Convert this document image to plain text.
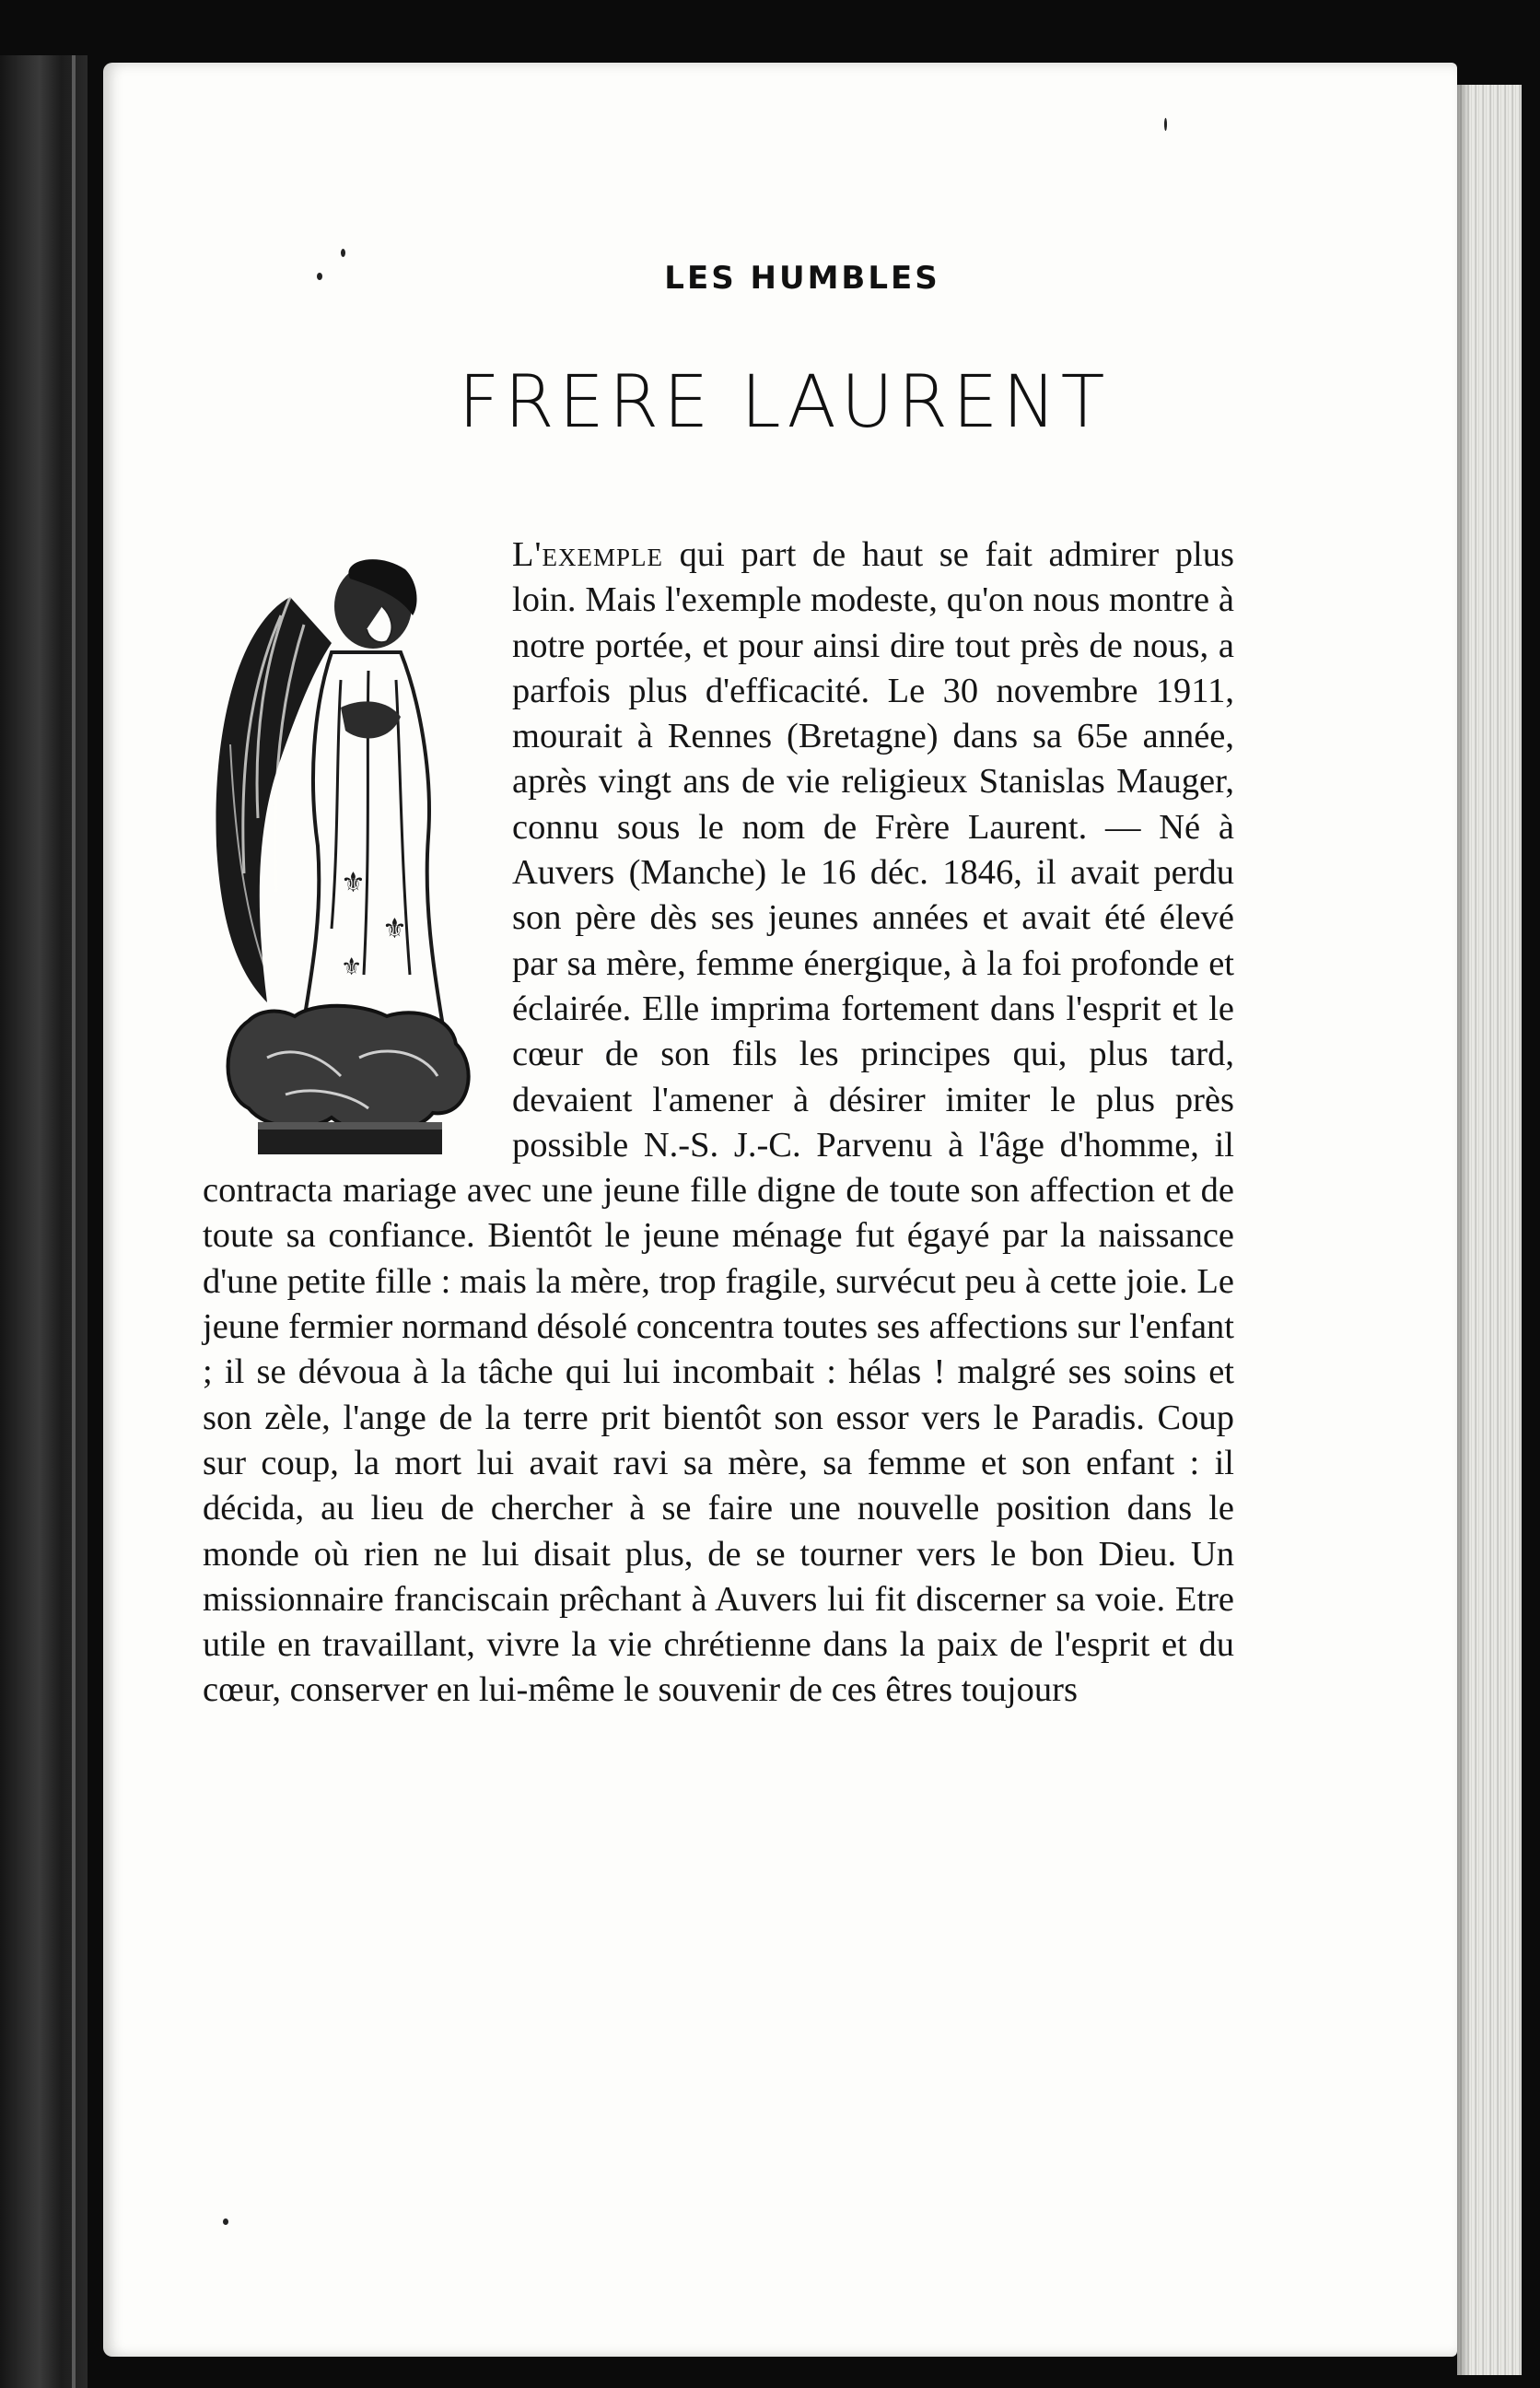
LES HUMBLES
FRERE LAURENT
⚜
⚜
⚜

L'exemple qui part de haut se fait admirer plus loin. Mais l'exemple modeste, qu'on nous montre à notre portée, et pour ainsi dire tout près de nous, a parfois plus d'efficacité. Le 30 novembre 1911, mourait à Rennes (Bretagne) dans sa 65e année, après vingt ans de vie religieux Stanislas Mauger, connu sous le nom de Frère Laurent. — Né à Auvers (Manche) le 16 déc. 1846, il avait perdu son père dès ses jeunes années et avait été élevé par sa mère, femme énergique, à la foi profonde et éclairée. Elle imprima fortement dans l'esprit et le cœur de son fils les principes qui, plus tard, devaient l'amener à désirer imiter le plus près possible N.-S. J.-C. Parvenu à l'âge d'homme, il contracta mariage avec une jeune fille digne de toute son affection et de toute sa confiance. Bientôt le jeune ménage fut égayé par la naissance d'une petite fille : mais la mère, trop fragile, survécut peu à cette joie. Le jeune fermier normand désolé concentra toutes ses affections sur l'enfant ; il se dévoua à la tâche qui lui incombait : hélas ! malgré ses soins et son zèle, l'ange de la terre prit bientôt son essor vers le Paradis. Coup sur coup, la mort lui avait ravi sa mère, sa femme et son enfant : il décida, au lieu de chercher à se faire une nouvelle position dans le monde où rien ne lui disait plus, de se tourner vers le bon Dieu. Un missionnaire franciscain prêchant à Auvers lui fit discerner sa voie. Etre utile en travaillant, vivre la vie chrétienne dans la paix de l'esprit et du cœur, conserver en lui-même le souvenir de ces êtres toujours
